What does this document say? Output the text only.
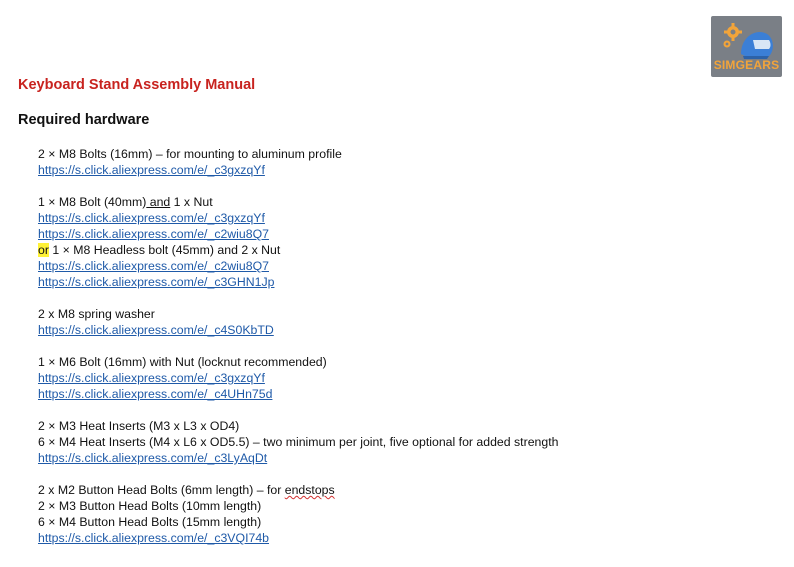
SIMGEARS
Keyboard Stand Assembly Manual
Required hardware
2 × M8 Bolts (16mm) – for mounting to aluminum profile
https://s.click.aliexpress.com/e/_c3gxzqYf
1 × M8 Bolt (40mm) and 1 x Nut
https://s.click.aliexpress.com/e/_c3gxzqYf
https://s.click.aliexpress.com/e/_c2wiu8Q7
or 1 × M8 Headless bolt (45mm) and 2 x Nut
https://s.click.aliexpress.com/e/_c2wiu8Q7
https://s.click.aliexpress.com/e/_c3GHN1Jp
2 x M8 spring washer
https://s.click.aliexpress.com/e/_c4S0KbTD
1 × M6 Bolt (16mm) with Nut (locknut recommended)
https://s.click.aliexpress.com/e/_c3gxzqYf
https://s.click.aliexpress.com/e/_c4UHn75d
2 × M3 Heat Inserts (M3 x L3 x OD4)
6 × M4 Heat Inserts (M4 x L6 x OD5.5) – two minimum per joint, five optional for added strength
https://s.click.aliexpress.com/e/_c3LyAqDt
2 x M2 Button Head Bolts (6mm length) – for endstops
2 × M3 Button Head Bolts (10mm length)
6 × M4 Button Head Bolts (15mm length)
https://s.click.aliexpress.com/e/_c3VQI74b
